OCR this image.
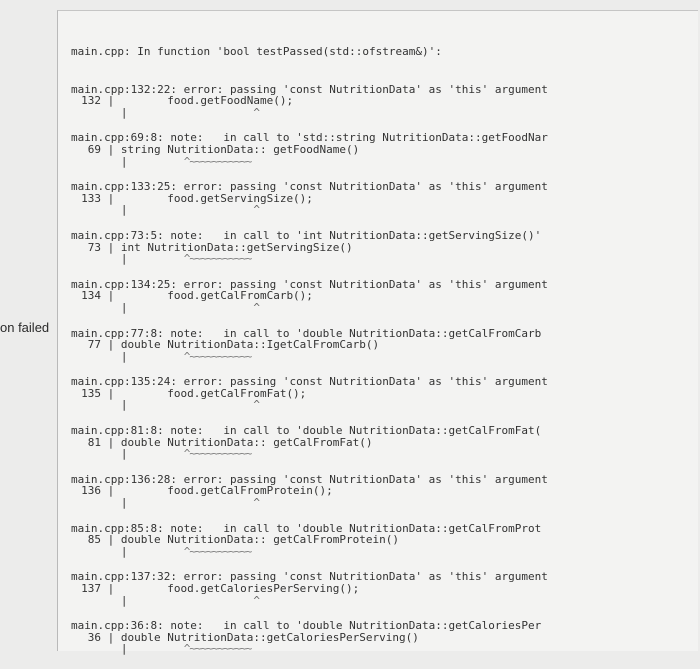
on failed

main.cpp: In function 'bool testPassed(std::ofstream&)':

main.cpp:132:22: error: passing 'const NutritionData' as 'this' argument
132 |        food.getFoodName();
|                   ^
main.cpp:69:8: note:   in call to 'std::string NutritionData::getFoodNar
69 | string NutritionData:: getFoodName()
|          ^~~~~~~~~~~~
main.cpp:133:25: error: passing 'const NutritionData' as 'this' argument
133 |        food.getServingSize();
|                   ^
main.cpp:73:5: note:   in call to 'int NutritionData::getServingSize()'
73 | int NutritionData::getServingSize()
|          ^~~~~~~~~~~~
main.cpp:134:25: error: passing 'const NutritionData' as 'this' argument
134 |        food.getCalFromCarb();
|                   ^
main.cpp:77:8: note:   in call to 'double NutritionData::getCalFromCarb
77 | double NutritionData::IgetCalFromCarb()
|          ^~~~~~~~~~~~
main.cpp:135:24: error: passing 'const NutritionData' as 'this' argument
135 |        food.getCalFromFat();
|                   ^
main.cpp:81:8: note:   in call to 'double NutritionData::getCalFromFat(
81 | double NutritionData:: getCalFromFat()
|          ^~~~~~~~~~~~
main.cpp:136:28: error: passing 'const NutritionData' as 'this' argument
136 |        food.getCalFromProtein();
|                   ^
main.cpp:85:8: note:   in call to 'double NutritionData::getCalFromProt
85 | double NutritionData:: getCalFromProtein()
|          ^~~~~~~~~~~~
main.cpp:137:32: error: passing 'const NutritionData' as 'this' argument
137 |        food.getCaloriesPerServing();
|                   ^
main.cpp:36:8: note:   in call to 'double NutritionData::getCaloriesPer
36 | double NutritionData::getCaloriesPerServing()
|          ^~~~~~~~~~~~
